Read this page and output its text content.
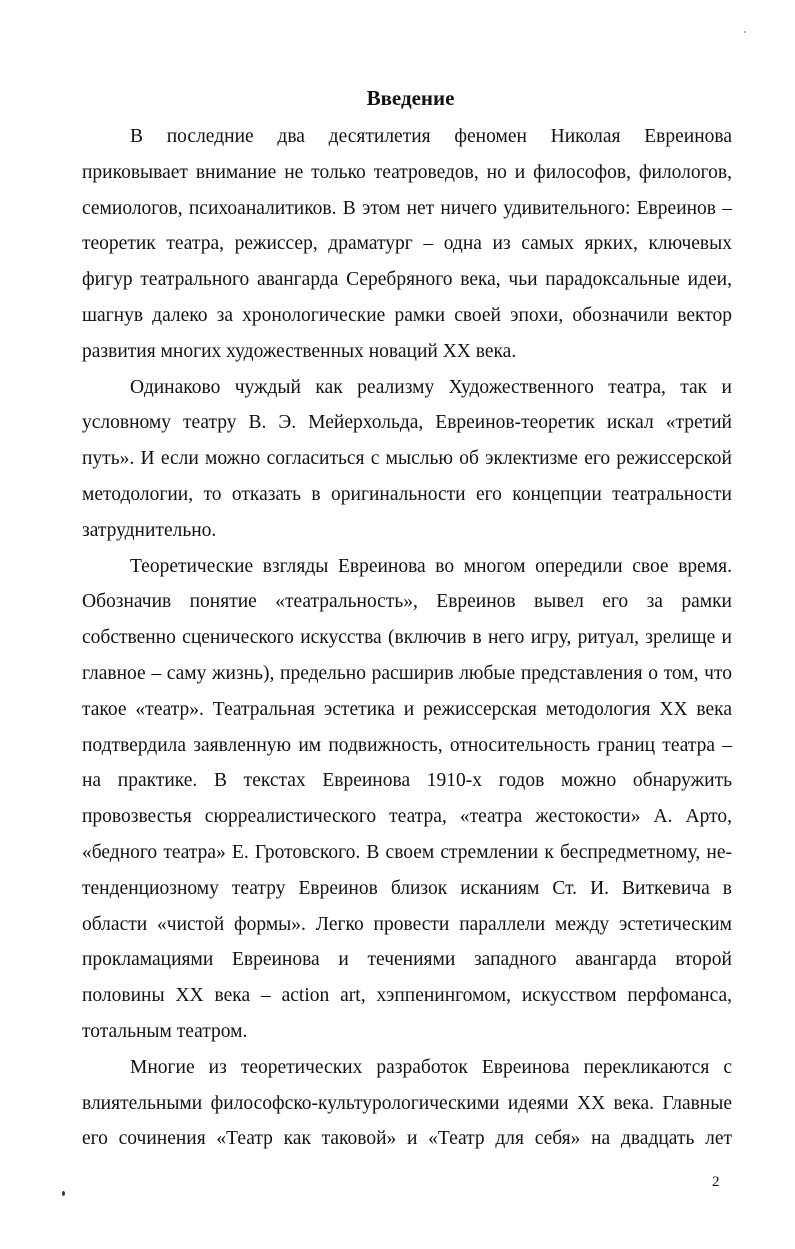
Введение
В последние два десятилетия феномен Николая Евреинова
приковывает внимание не только театроведов, но и философов, филологов,
семиологов, психоаналитиков. В этом нет ничего удивительного: Евреинов –
теоретик театра, режиссер, драматург – одна из самых ярких, ключевых
фигур театрального авангарда Серебряного века, чьи парадоксальные идеи,
шагнув далеко за хронологические рамки своей эпохи, обозначили вектор
развития многих художественных новаций XX века.
Одинаково чуждый как реализму Художественного театра, так и
условному театру В. Э. Мейерхольда, Евреинов-теоретик искал «третий
путь». И если можно согласиться с мыслью об эклектизме его режиссерской
методологии, то отказать в оригинальности его концепции театральности
затруднительно.
Теоретические взгляды Евреинова во многом опередили свое время.
Обозначив понятие «театральность», Евреинов вывел его за рамки
собственно сценического искусства (включив в него игру, ритуал, зрелище и
главное – саму жизнь), предельно расширив любые представления о том, что
такое «театр». Театральная эстетика и режиссерская методология XX века
подтвердила заявленную им подвижность, относительность границ театра –
на практике. В текстах Евреинова 1910-х годов можно обнаружить
провозвестья сюрреалистического театра, «театра жестокости» А. Арто,
«бедного театра» Е. Гротовского. В своем стремлении к беспредметному, не-
тенденциозному театру Евреинов близок исканиям Ст. И. Виткевича в
области «чистой формы». Легко провести параллели между эстетическим
прокламациями Евреинова и течениями западного авангарда второй
половины XX века – action art, хэппенингомом, искусством перфоманса,
тотальным театром.
Многие из теоретических разработок Евреинова перекликаются с
влиятельными философско-культурологическими идеями XX века. Главные
его сочинения «Театр как таковой» и «Театр для себя» на двадцать лет
2
